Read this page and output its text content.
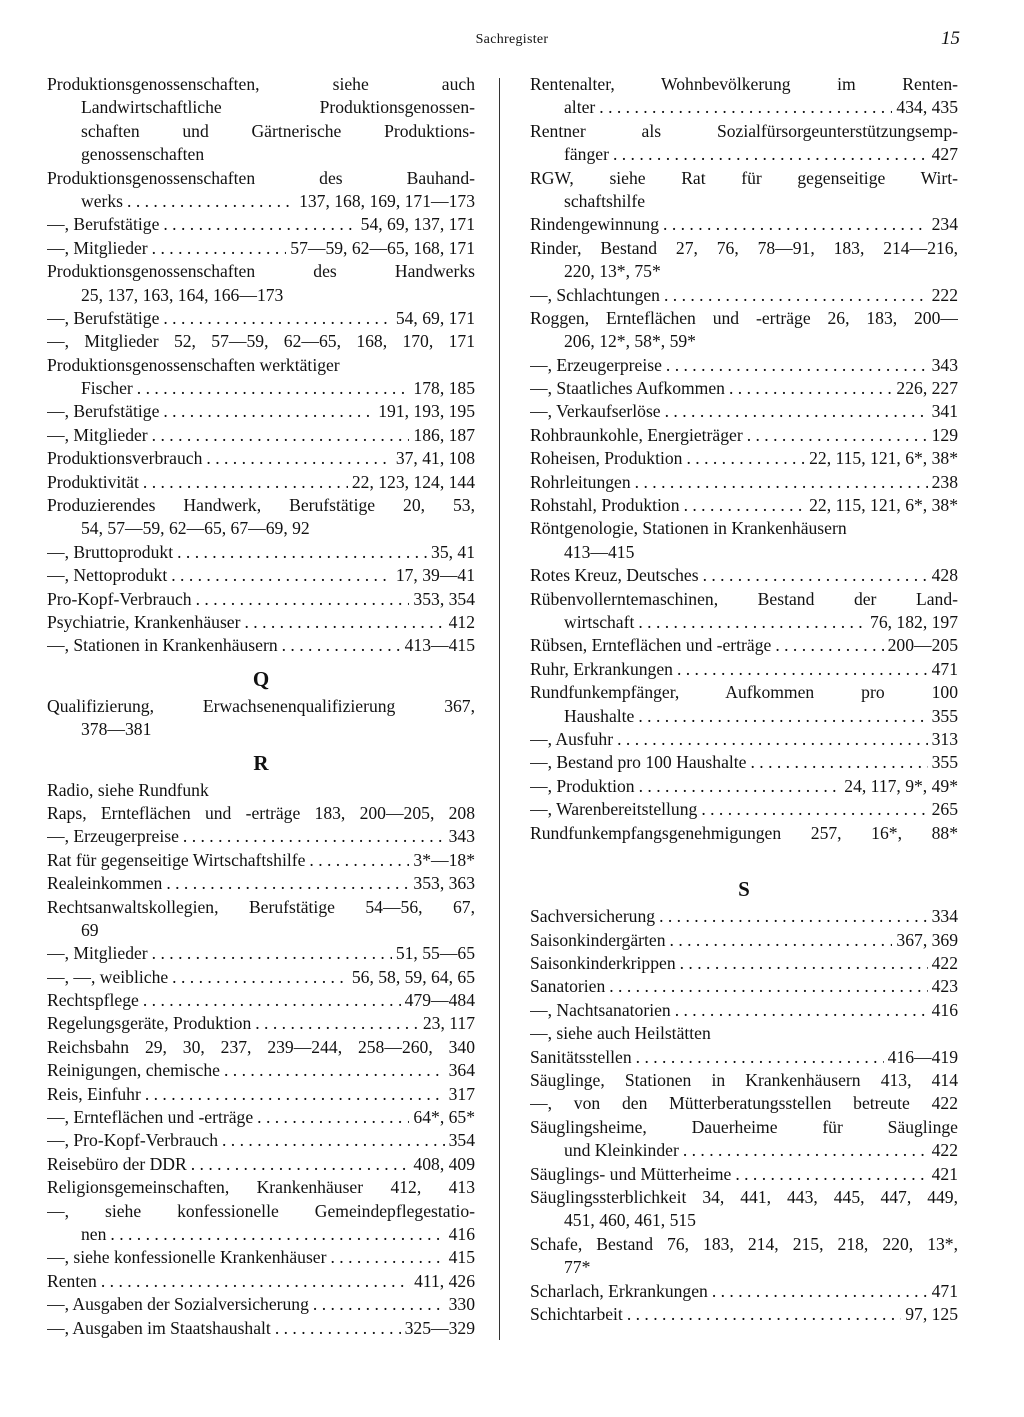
Sachregister	15
Produktionsgenossenschaften, siehe auch
Landwirtschaftliche Produktionsgenossen-
schaften und Gärtnerische Produktions-
genossenschaften
Produktionsgenossenschaften des Bauhand-
werks . . .	137, 168, 169, 171—173
—, Berufstätige . . .	54, 69, 137, 171
—, Mitglieder . . .	57—59, 62—65, 168, 171
Produktionsgenossenschaften des Handwerks
25, 137, 163, 164, 166—173
—, Berufstätige . . .	54, 69, 171
—, Mitglieder 52, 57—59, 62—65, 168, 170, 171
Produktionsgenossenschaften werktätiger
Fischer . . .	178, 185
—, Berufstätige . . .	191, 193, 195
—, Mitglieder . . .	186, 187
Produktionsverbrauch . . .	37, 41, 108
Produktivität . . .	22, 123, 124, 144
Produzierendes Handwerk, Berufstätige 20, 53,
54, 57—59, 62—65, 67—69, 92
—, Bruttoprodukt . . .	35, 41
—, Nettoprodukt . . .	17, 39—41
Pro-Kopf-Verbrauch . . .	353, 354
Psychiatrie, Krankenhäuser . . .	412
—, Stationen in Krankenhäusern . . .	413—415
Q
Qualifizierung, Erwachsenenqualifizierung 367,
378—381
R
Radio, siehe Rundfunk
Raps, Ernteflächen und -erträge 183, 200—205, 208
—, Erzeugerpreise . . .	343
Rat für gegenseitige Wirtschaftshilfe . . .	3*—18*
Realeinkommen . . .	353, 363
Rechtsanwaltskollegien, Berufstätige 54—56, 67,
69
—, Mitglieder . . .	51, 55—65
—, —, weibliche . . .	56, 58, 59, 64, 65
Rechtspflege . . .	479—484
Regelungsgeräte, Produktion . . .	23, 117
Reichsbahn 29, 30, 237, 239—244, 258—260, 340
Reinigungen, chemische . . .	364
Reis, Einfuhr . . .	317
—, Ernteflächen und -erträge . . .	64*, 65*
—, Pro-Kopf-Verbrauch . . .	354
Reisebüro der DDR . . .	408, 409
Religionsgemeinschaften, Krankenhäuser 412, 413
—, siehe konfessionelle Gemeindepflegestatio-
nen . . .	416
—, siehe konfessionelle Krankenhäuser . . .	415
Renten . . .	411, 426
—, Ausgaben der Sozialversicherung . . .	330
—, Ausgaben im Staatshaushalt . . .	325—329
Rentenalter, Wohnbevölkerung im Renten-
alter . . .	434, 435
Rentner als Sozialfürsorgeunterstützungsemp-
fänger . . .	427
RGW, siehe Rat für gegenseitige Wirt-
schaftshilfe
Rindengewinnung . . .	234
Rinder, Bestand 27, 76, 78—91, 183, 214—216,
220, 13*, 75*
—, Schlachtungen . . .	222
Roggen, Ernteflächen und -erträge 26, 183, 200—
206, 12*, 58*, 59*
—, Erzeugerpreise . . .	343
—, Staatliches Aufkommen . . .	226, 227
—, Verkaufserlöse . . .	341
Rohbraunkohle, Energieträger . . .	129
Roheisen, Produktion . . .	22, 115, 121, 6*, 38*
Rohrleitungen . . .	238
Rohstahl, Produktion . . .	22, 115, 121, 6*, 38*
Röntgenologie, Stationen in Krankenhäusern
413—415
Rotes Kreuz, Deutsches . . .	428
Rübenvollerntemaschinen, Bestand der Land-
wirtschaft . . .	76, 182, 197
Rübsen, Ernteflächen und -erträge . . .	200—205
Ruhr, Erkrankungen . . .	471
Rundfunkempfänger, Aufkommen pro 100
Haushalte . . .	355
—, Ausfuhr . . .	313
—, Bestand pro 100 Haushalte . . .	355
—, Produktion . . .	24, 117, 9*, 49*
—, Warenbereitstellung . . .	265
Rundfunkempfangsgenehmigungen 257, 16*, 88*
S
Sachversicherung . . .	334
Saisonkindergärten . . .	367, 369
Saisonkinderkrippen . . .	422
Sanatorien . . .	423
—, Nachtsanatorien . . .	416
—, siehe auch Heilstätten
Sanitätsstellen . . .	416—419
Säuglinge, Stationen in Krankenhäusern 413, 414
—, von den Mütterberatungsstellen betreute 422
Säuglingsheime, Dauerheime für Säuglinge
und Kleinkinder . . .	422
Säuglings- und Mütterheime . . .	421
Säuglingssterblichkeit 34, 441, 443, 445, 447, 449,
451, 460, 461, 515
Schafe, Bestand 76, 183, 214, 215, 218, 220, 13*,
77*
Scharlach, Erkrankungen . . .	471
Schichtarbeit . . .	97, 125
